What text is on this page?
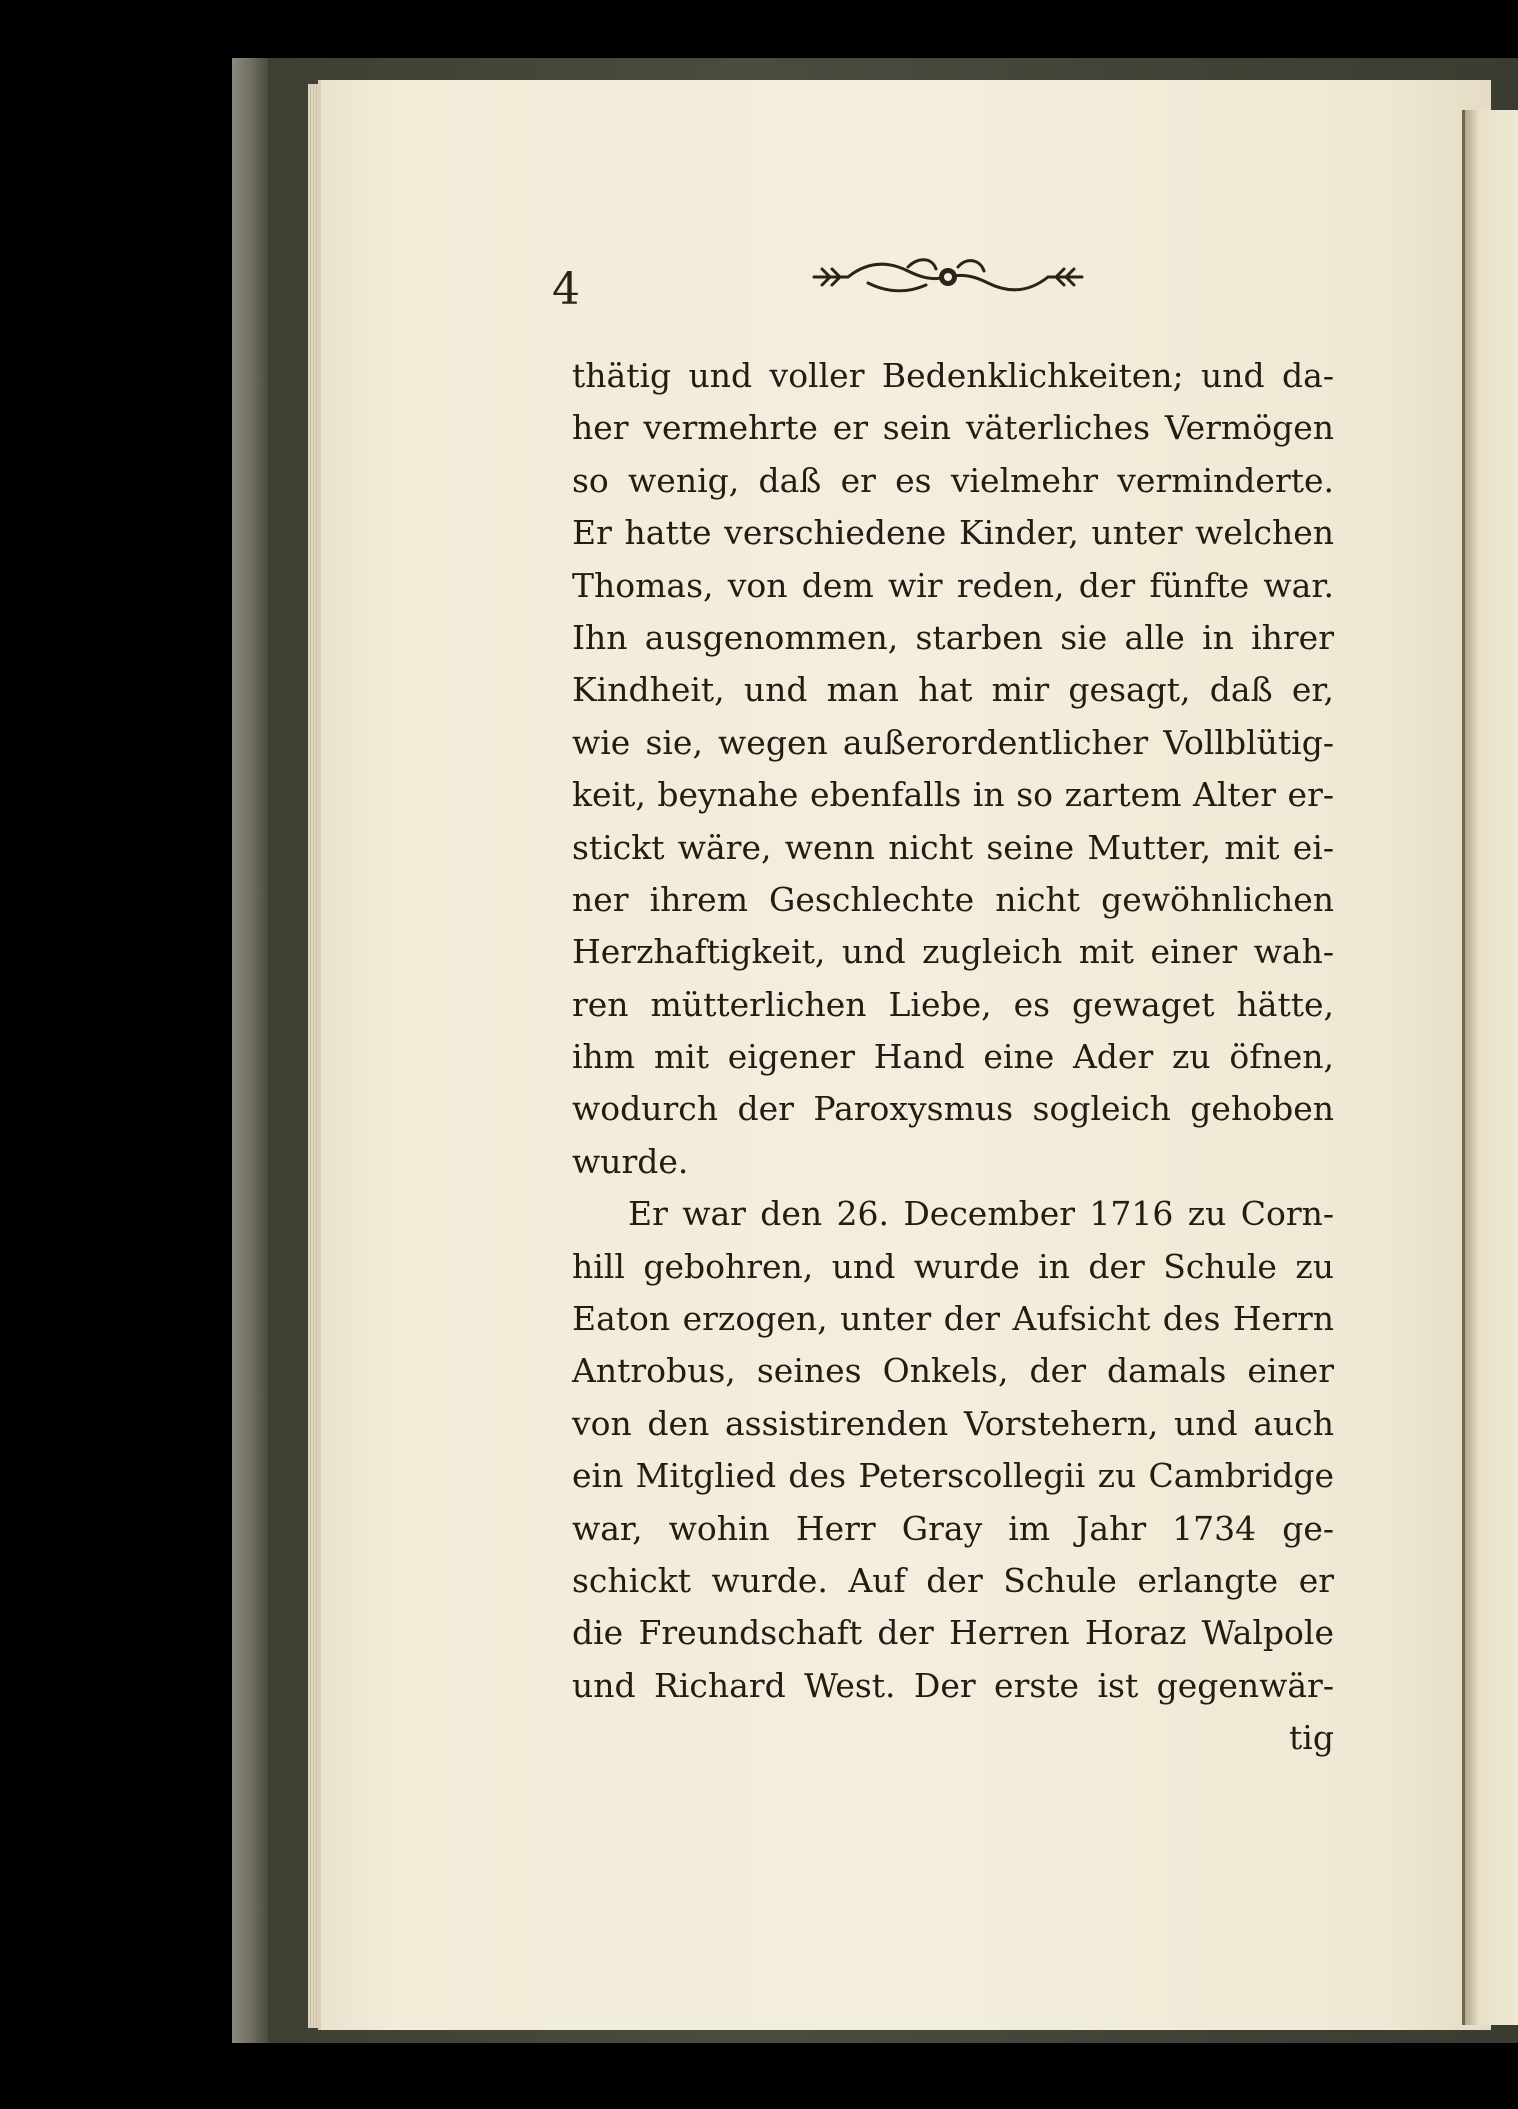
4
thätig und voller Bedenklichkeiten; und da-
her vermehrte er sein väterliches Vermögen
so wenig, daß er es vielmehr verminderte.
Er hatte verschiedene Kinder, unter welchen
Thomas, von dem wir reden, der fünfte war.
Ihn ausgenommen, starben sie alle in ihrer
Kindheit, und man hat mir gesagt, daß er,
wie sie, wegen außerordentlicher Vollblütig-
keit, beynahe ebenfalls in so zartem Alter er-
stickt wäre, wenn nicht seine Mutter, mit ei-
ner ihrem Geschlechte nicht gewöhnlichen
Herzhaftigkeit, und zugleich mit einer wah-
ren mütterlichen Liebe, es gewaget hätte,
ihm mit eigener Hand eine Ader zu öfnen,
wodurch der Paroxysmus sogleich gehoben
wurde.
Er war den 26. December 1716 zu Corn-
hill gebohren, und wurde in der Schule zu
Eaton erzogen, unter der Aufsicht des Herrn
Antrobus, seines Onkels, der damals einer
von den assistirenden Vorstehern, und auch
ein Mitglied des Peterscollegii zu Cambridge
war, wohin Herr Gray im Jahr 1734 ge-
schickt wurde. Auf der Schule erlangte er
die Freundschaft der Herren Horaz Walpole
und Richard West. Der erste ist gegenwär-
tig
